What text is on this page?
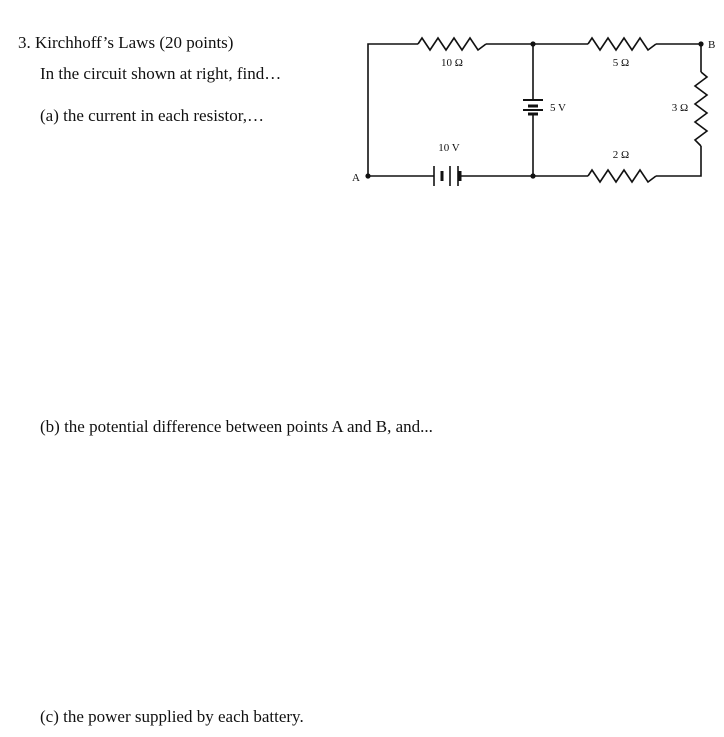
3. Kirchhoff’s Laws (20 points)
In the circuit shown at right, find…
(a) the current in each resistor,…
(b) the potential difference between points A and B, and...
(c) the power supplied by each battery.
10 Ω	5 Ω
3 Ω
2 Ω
5 V
10 V
A
B
